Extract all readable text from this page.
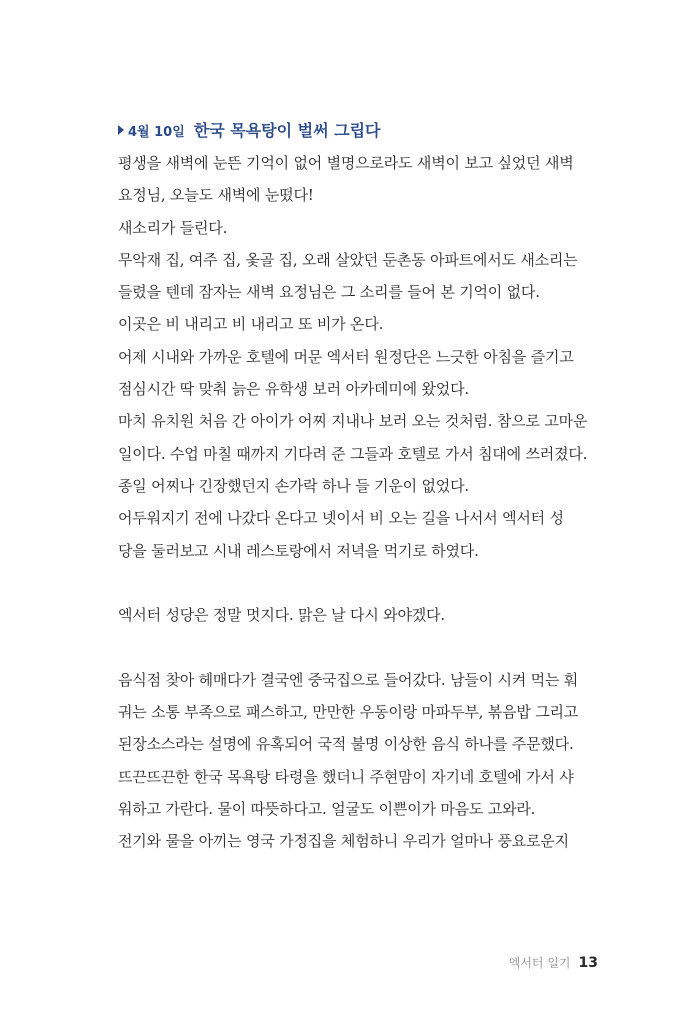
4월 10일 한국 목욕탕이 벌써 그립다
평생을 새벽에 눈뜬 기억이 없어 별명으로라도 새벽이 보고 싶었던 새벽
요정님, 오늘도 새벽에 눈떴다!
새소리가 들린다.
무악재 집, 여주 집, 옻골 집, 오래 살았던 둔촌동 아파트에서도 새소리는
들렸을 텐데 잠자는 새벽 요정님은 그 소리를 들어 본 기억이 없다.
이곳은 비 내리고 비 내리고 또 비가 온다.
어제 시내와 가까운 호텔에 머문 엑서터 원정단은 느긋한 아침을 즐기고
점심시간 딱 맞춰 늙은 유학생 보러 아카데미에 왔었다.
마치 유치원 처음 간 아이가 어찌 지내나 보러 오는 것처럼. 참으로 고마운
일이다. 수업 마칠 때까지 기다려 준 그들과 호텔로 가서 침대에 쓰러졌다.
종일 어찌나 긴장했던지 손가락 하나 들 기운이 없었다.
어두워지기 전에 나갔다 온다고 넷이서 비 오는 길을 나서서 엑서터 성
당을 둘러보고 시내 레스토랑에서 저녁을 먹기로 하였다.
엑서터 성당은 정말 멋지다. 맑은 날 다시 와야겠다.
음식점 찾아 헤매다가 결국엔 중국집으로 들어갔다. 남들이 시켜 먹는 훠
궈는 소통 부족으로 패스하고, 만만한 우동이랑 마파두부, 볶음밥 그리고
된장소스라는 설명에 유혹되어 국적 불명 이상한 음식 하나를 주문했다.
뜨끈뜨끈한 한국 목욕탕 타령을 했더니 주현맘이 자기네 호텔에 가서 샤
워하고 가란다. 물이 따뜻하다고. 얼굴도 이쁜이가 마음도 고와라.
전기와 물을 아끼는 영국 가정집을 체험하니 우리가 얼마나 풍요로운지
엑서터 일기 13
